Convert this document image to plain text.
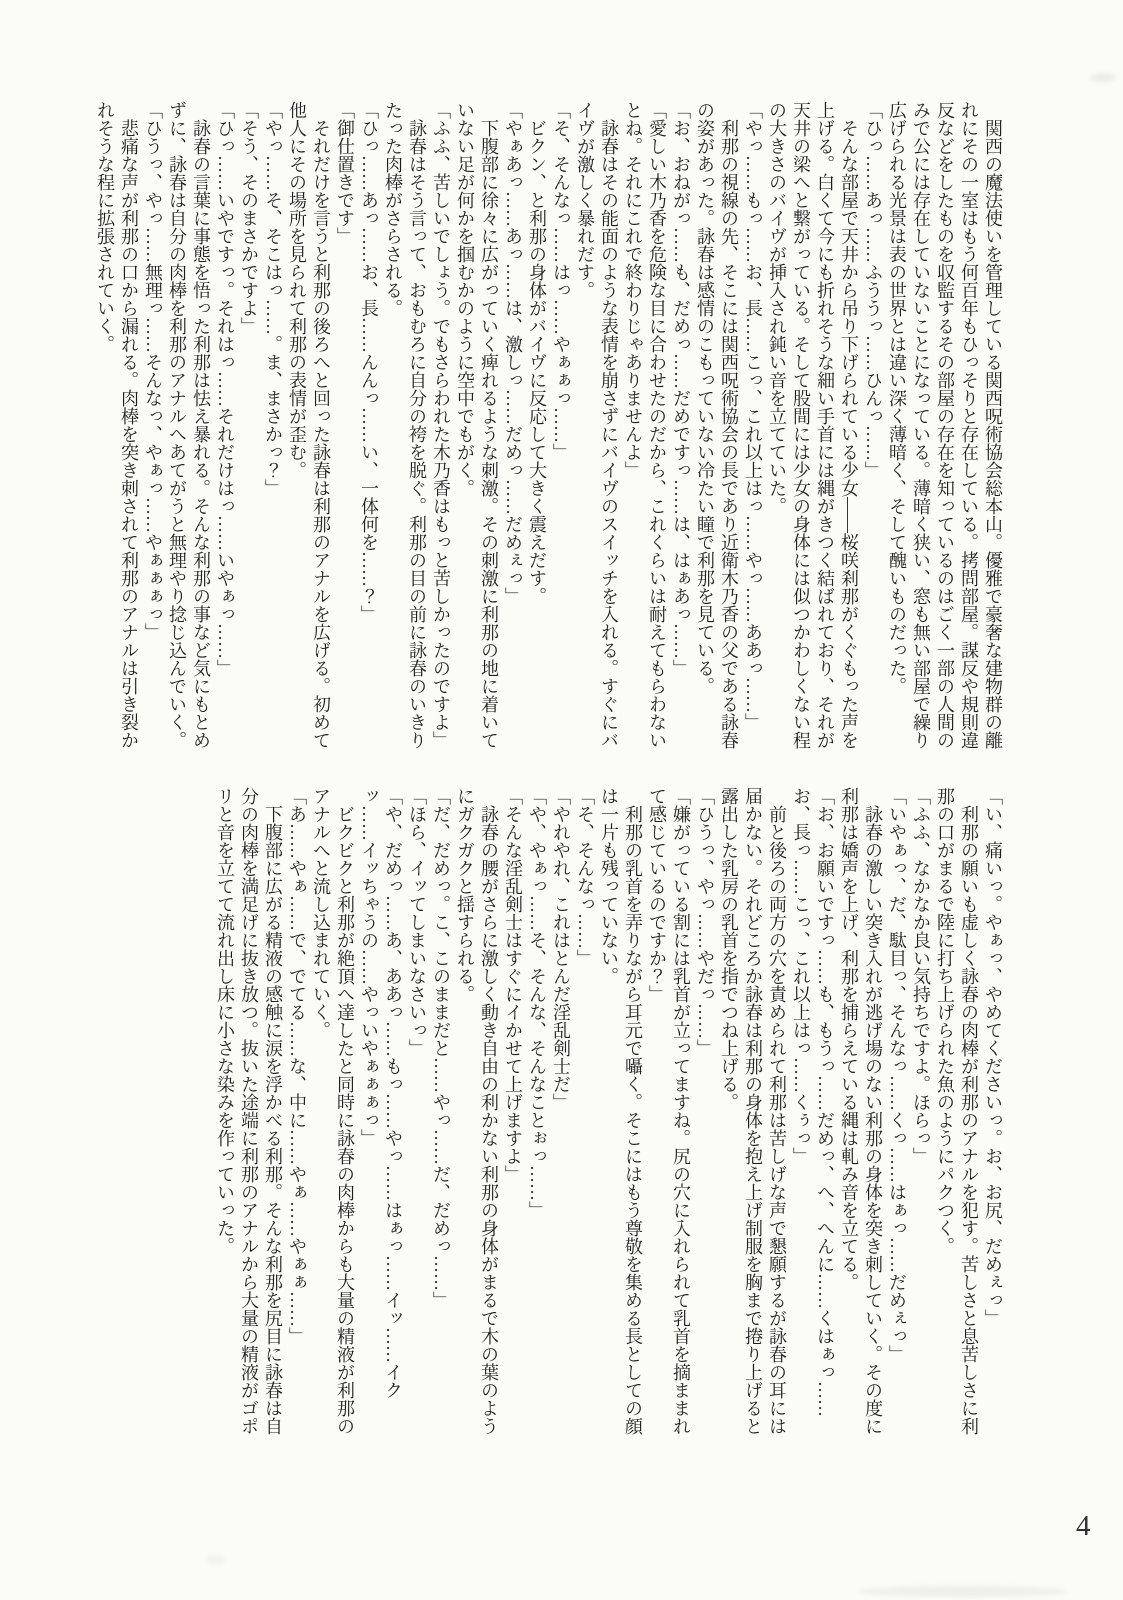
関西の魔法使いを管理している関西呪術協会総本山。優雅で豪奢な建物群の離れにその一室はもう何百年もひっそりと存在している。拷問部屋。謀反や規則違反などをしたものを収監するその部屋の存在を知っているのはごく一部の人間のみで公には存在していないことになっている。薄暗く狭い、窓も無い部屋で繰り広げられる光景は表の世界とは違い深く薄暗く、そして醜いものだった。

「ひっ……あっ……ふううっ……ひんっ……」

そんな部屋で天井から吊り下げられている少女――桜咲刹那がくぐもった声を上げる。白くて今にも折れそうな細い手首には縄がきつく結ばれており、それが天井の梁へと繋がっている。そして股間には少女の身体には似つかわしくない程の大きさのバイヴが挿入され鈍い音を立てていた。

「やっ……もっ……お、長……こっ、これ以上はっ……やっ……ああっ……」

利那の視線の先、そこには関西呪術協会の長であり近衛木乃香の父である詠春の姿があった。詠春は感情のこもっていない冷たい瞳で利那を見ている。

「お、おねがっ……も、だめっ……だめですっ……は、はぁあっ……」

「愛しい木乃香を危険な目に合わせたのだから、これくらいは耐えてもらわないとね。それにこれで終わりじゃありませんよ」

詠春はその能面のような表情を崩さずにバイヴのスイッチを入れる。すぐにバイヴが激しく暴れだす。

「そ、そんなっ……はっ……やぁぁっ……」

ビクン、と利那の身体がバイヴに反応して大きく震えだす。

「やぁあっ……あっ……は、激しっ……だめっ……だめぇっ」

下腹部に徐々に広がっていく痺れるような刺激。その刺激に利那の地に着いていない足が何かを掴むかのように空中でもがく。

「ふふ、苦しいでしょう。でもさらわれた木乃香はもっと苦しかったのですよ」

詠春はそう言って、おもむろに自分の袴を脱ぐ。利那の目の前に詠春のいきりたった肉棒がさらされる。

「ひっ……あっ……お、長……んんっ……い、一体何を……？」

「御仕置きです」

それだけを言うと利那の後ろへと回った詠春は利那のアナルを広げる。初めて他人にその場所を見られて利那の表情が歪む。

「やっ……そ、そこはっ……。ま、まさかっ？」

「そう、そのまさかですよ」

「ひっ……いやですっ。それはっ……それだけはっ……いやぁっ……」

詠春の言葉に事態を悟った利那は怯え暴れる。そんな利那の事など気にもとめずに、詠春は自分の肉棒を利那のアナルへあてがうと無理やり捻じ込んでいく。

「ひうっ、やっ……無理っ……そんなっ、やぁっ……やぁぁぁっ」

悲痛な声が利那の口から漏れる。肉棒を突き刺されて利那のアナルは引き裂かれそうな程に拡張されていく。

「い、痛いっ。やぁっ、やめてくださいっ。お、お尻、だめぇっ」

利那の願いも虚しく詠春の肉棒が利那のアナルを犯す。苦しさと息苦しさに利那の口がまるで陸に打ち上げられた魚のようにパクつく。

「ふふ、なかなか良い気持ちですよ。ほらっ」

「いやぁっ、だ、駄目っ、そんなっ……くっ……はぁっ……だめぇっ」

詠春の激しい突き入れが逃げ場のない利那の身体を突き刺していく。その度に利那は嬌声を上げ、利那を捕らえている縄は軋み音を立てる。

「お、お願いですっ……も、もうっ……だめっ、へ、へんに……くはぁっ……お、長っ……こっ、これ以上はっ……くぅっ」

前と後ろの両方の穴を責められて利那は苦しげな声で懇願するが詠春の耳には届かない。それどころか詠春は利那の身体を抱え上げ制服を胸まで捲り上げると露出した乳房の乳首を指でつね上げる。

「ひうっ、やっ……やだっ……」

「嫌がっている割には乳首が立ってますね。尻の穴に入れられて乳首を摘ままれて感じているのですか？」

利那の乳首を弄りながら耳元で囁く。そこにはもう尊敬を集める長としての顔は一片も残っていない。

「そ、そんなっ……」

「やれやれ、これはとんだ淫乱剣士だ」

「や、やぁっ……そ、そんな、そんなことぉっ……」

「そんな淫乱剣士はすぐにイかせて上げますよ」

詠春の腰がさらに激しく動き自由の利かない利那の身体がまるで木の葉のようにガクガクと揺すられる。

「だ、だめっ。こ、このままだと……やっ……だ、だめっ……」

「ほら、イッてしまいなさいっ」

「や、だめっ……あ、ああっ……もっ……やっ……はぁっ……イッ……イクッ……イッちゃうの……やっいやぁぁぁっ」

ビクビクと利那が絶頂へ達したと同時に詠春の肉棒からも大量の精液が利那のアナルへと流し込まれていく。

「あ……やぁ……で、でてる……な、中に……やぁ……やぁぁ……」

下腹部に広がる精液の感触に涙を浮かべる利那。そんな利那を尻目に詠春は自分の肉棒を満足げに抜き放つ。抜いた途端に利那のアナルから大量の精液がゴポリと音を立てて流れ出し床に小さな染みを作っていった。

4
